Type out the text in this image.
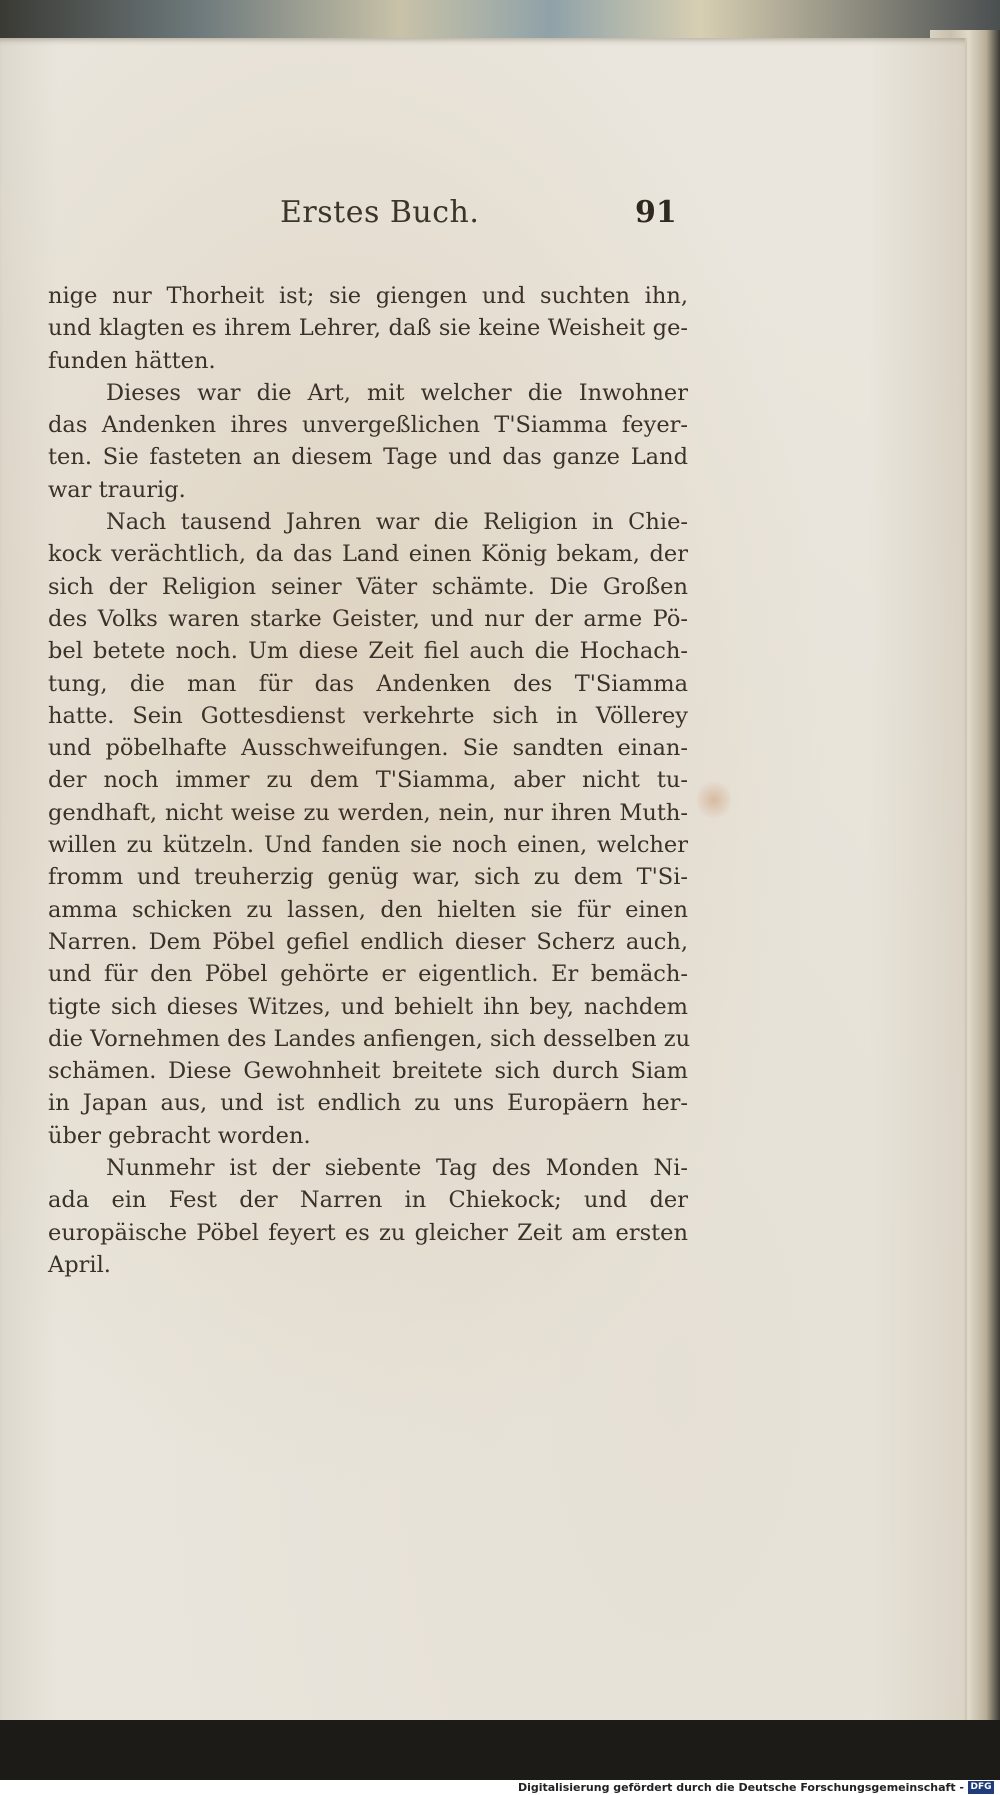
Erstes Buch.	91
nige nur Thorheit ist; sie giengen und suchten ihn,
und klagten es ihrem Lehrer, daß sie keine Weisheit ge-
funden hätten.
Dieses war die Art, mit welcher die Inwohner
das Andenken ihres unvergeßlichen T'Siamma feyer-
ten. Sie fasteten an diesem Tage und das ganze Land
war traurig.
Nach tausend Jahren war die Religion in Chie-
kock verächtlich, da das Land einen König bekam, der
sich der Religion seiner Väter schämte. Die Großen
des Volks waren starke Geister, und nur der arme Pö-
bel betete noch. Um diese Zeit fiel auch die Hochach-
tung, die man für das Andenken des T'Siamma
hatte. Sein Gottesdienst verkehrte sich in Völlerey
und pöbelhafte Ausschweifungen. Sie sandten einan-
der noch immer zu dem T'Siamma, aber nicht tu-
gendhaft, nicht weise zu werden, nein, nur ihren Muth-
willen zu kützeln. Und fanden sie noch einen, welcher
fromm und treuherzig genüg war, sich zu dem T'Si-
amma schicken zu lassen, den hielten sie für einen
Narren. Dem Pöbel gefiel endlich dieser Scherz auch,
und für den Pöbel gehörte er eigentlich. Er bemäch-
tigte sich dieses Witzes, und behielt ihn bey, nachdem
die Vornehmen des Landes anfiengen, sich desselben zu
schämen. Diese Gewohnheit breitete sich durch Siam
in Japan aus, und ist endlich zu uns Europäern her-
über gebracht worden.
Nunmehr ist der siebente Tag des Monden Ni-
ada ein Fest der Narren in Chiekock; und der
europäische Pöbel feyert es zu gleicher Zeit am ersten
April.
Digitalisierung gefördert durch die Deutsche Forschungsgemeinschaft - DFG
